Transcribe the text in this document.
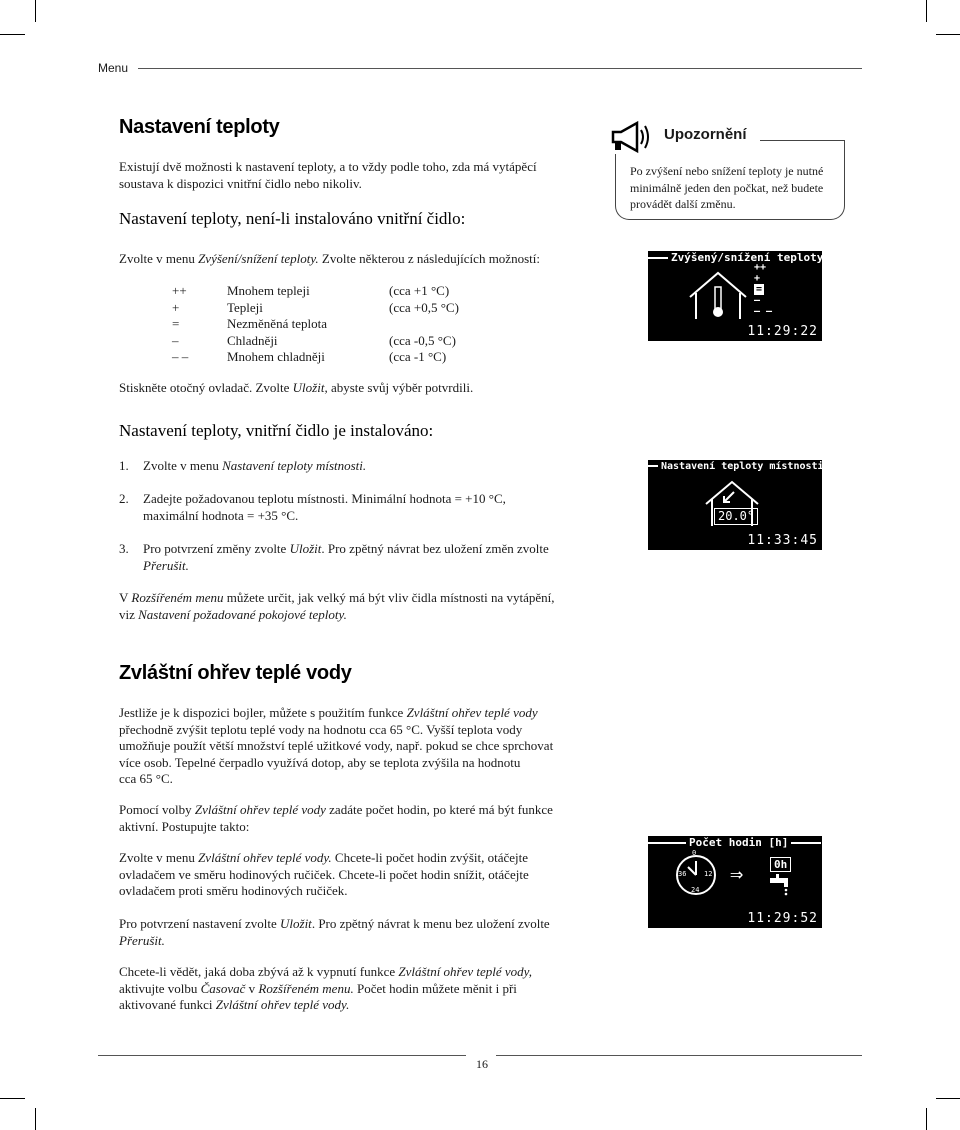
Menu
Nastavení teploty

Existují dvě možnosti k nastavení teploty, a to vždy podle toho, zda má vytápěcí

soustava k dispozici vnitřní čidlo nebo nikoliv.

Nastavení teploty, není-li instalováno vnitřní čidlo:
Zvolte v menu Zvýšení/snížení teploty. Zvolte některou z následujících možností:
++	Mnohem tepleji	(cca +1 °C)
+	Tepleji	(cca +0,5 °C)
=	Nezměněná teplota	
–	Chladněji	(cca -0,5 °C)
– –	Mnohem chladněji	(cca -1 °C)
Stiskněte otočný ovladač. Zvolte Uložit, abyste svůj výběr potvrdili.
Nastavení teploty, vnitřní čidlo je instalováno:
1. Zvolte v menu Nastavení teploty místnosti.
2. Zadejte požadovanou teplotu místnosti. Minimální hodnota = +10 °C,
maximální hodnota = +35 °C.
3. Pro potvrzení změny zvolte Uložit. Pro zpětný návrat bez uložení změn zvolte
Přerušit.
V Rozšířeném menu můžete určit, jak velký má být vliv čidla místnosti na vytápění,
viz Nastavení požadované pokojové teploty.
Upozornění

Po zvýšení nebo snížení teploty je nutné

minimálně jeden den počkat, než budete

provádět další změnu.

Zvýšený/snížení teploty
++
+
=
–
– –
11:29:22
Nastavení teploty místnosti
20.0°
11:33:45
Počet hodin [h]
0
36	12
24
⇒	0h
11:29:52
Zvláštní ohřev teplé vody
Jestliže je k dispozici bojler, můžete s použitím funkce Zvláštní ohřev teplé vody
přechodně zvýšit teplotu teplé vody na hodnotu cca 65 °C. Vyšší teplota vody
umožňuje použít větší množství teplé užitkové vody, např. pokud se chce sprchovat
více osob. Tepelné čerpadlo využívá dotop, aby se teplota zvýšila na hodnotu
cca 65 °C.
Pomocí volby Zvláštní ohřev teplé vody zadáte počet hodin, po které má být funkce
aktivní. Postupujte takto:
Zvolte v menu Zvláštní ohřev teplé vody. Chcete-li počet hodin zvýšit, otáčejte
ovladačem ve směru hodinových ručiček. Chcete-li počet hodin snížit, otáčejte
ovladačem proti směru hodinových ručiček.
Pro potvrzení nastavení zvolte Uložit. Pro zpětný návrat k menu bez uložení zvolte
Přerušit.
Chcete-li vědět, jaká doba zbývá až k vypnutí funkce Zvláštní ohřev teplé vody,
aktivujte volbu Časovač v Rozšířeném menu. Počet hodin můžete měnit i při
aktivované funkci Zvláštní ohřev teplé vody.
16
